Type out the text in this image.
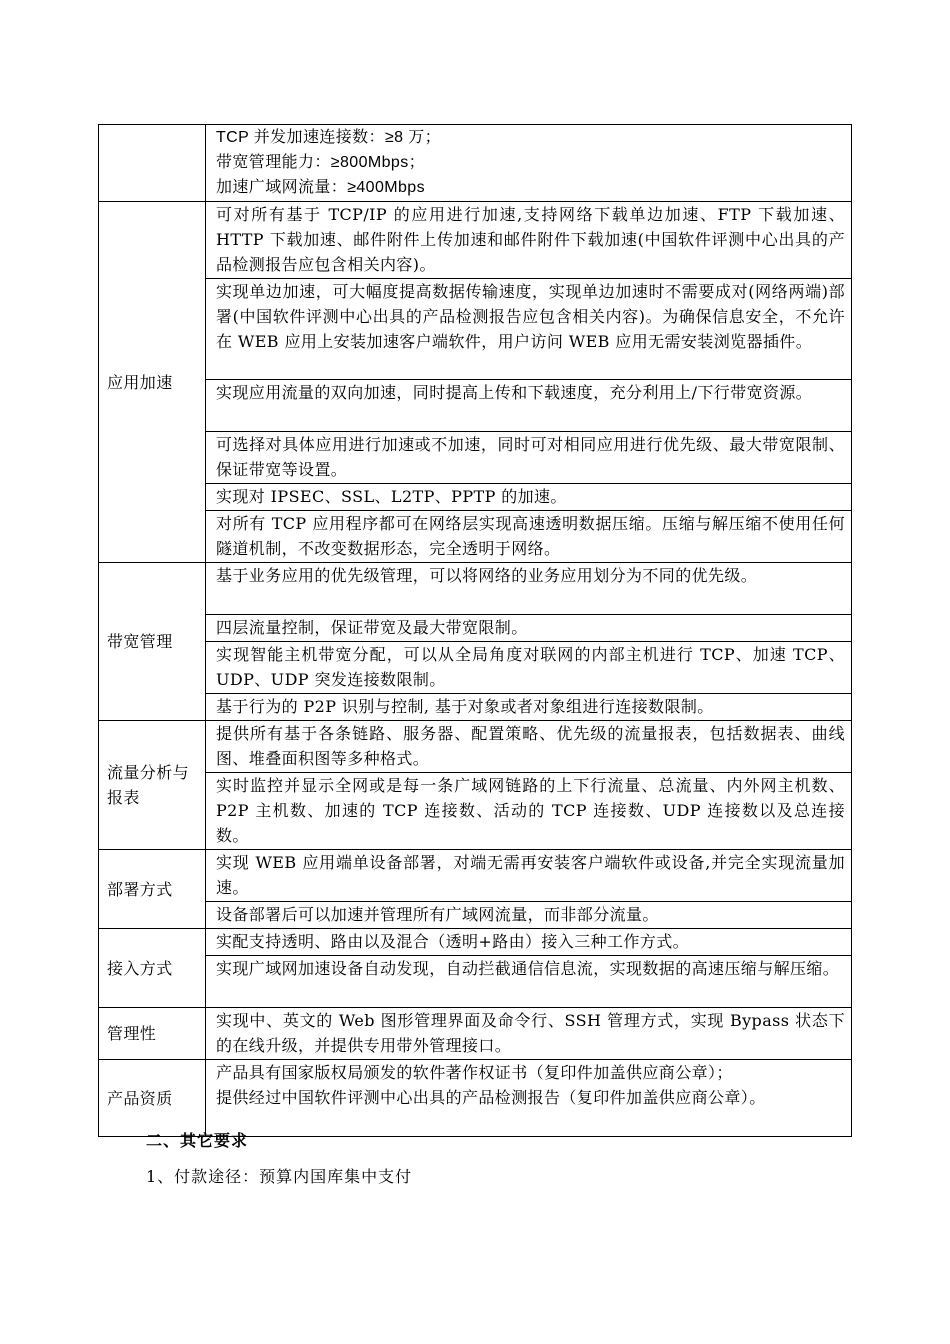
	TCP 并发加速连接数：≥8 万；
带宽管理能力：≥800Mbps；
加速广域网流量：≥400Mbps

应用加速	可对所有基于 TCP/IP 的应用进行加速,支持网络下载单边加速、FTP 下载加速、HTTP 下载加速、邮件附件上传加速和邮件附件下载加速(中国软件评测中心出具的产品检测报告应包含相关内容)。
	实现单边加速，可大幅度提高数据传输速度，实现单边加速时不需要成对(网络两端)部署(中国软件评测中心出具的产品检测报告应包含相关内容)。为确保信息安全，不允许在 WEB 应用上安装加速客户端软件，用户访问 WEB 应用无需安装浏览器插件。
	实现应用流量的双向加速，同时提高上传和下载速度，充分利用上/下行带宽资源。
	可选择对具体应用进行加速或不加速，同时可对相同应用进行优先级、最大带宽限制、保证带宽等设置。
	实现对 IPSEC、SSL、L2TP、PPTP 的加速。
	对所有 TCP 应用程序都可在网络层实现高速透明数据压缩。压缩与解压缩不使用任何隧道机制，不改变数据形态，完全透明于网络。
带宽管理	基于业务应用的优先级管理，可以将网络的业务应用划分为不同的优先级。
	四层流量控制，保证带宽及最大带宽限制。
	实现智能主机带宽分配，可以从全局角度对联网的内部主机进行 TCP、加速 TCP、UDP、UDP 突发连接数限制。
	基于行为的 P2P 识别与控制, 基于对象或者对象组进行连接数限制。
流量分析与报表	提供所有基于各条链路、服务器、配置策略、优先级的流量报表，包括数据表、曲线图、堆叠面积图等多种格式。
	实时监控并显示全网或是每一条广域网链路的上下行流量、总流量、内外网主机数、P2P 主机数、加速的 TCP 连接数、活动的 TCP 连接数、UDP 连接数以及总连接数。
部署方式	实现 WEB 应用端单设备部署，对端无需再安装客户端软件或设备,并完全实现流量加速。
	设备部署后可以加速并管理所有广域网流量，而非部分流量。
接入方式	实配支持透明、路由以及混合（透明+路由）接入三种工作方式。
	实现广域网加速设备自动发现，自动拦截通信信息流，实现数据的高速压缩与解压缩。
管理性	实现中、英文的 Web 图形管理界面及命令行、SSH 管理方式，实现 Bypass 状态下的在线升级，并提供专用带外管理接口。
产品资质	产品具有国家版权局颁发的软件著作权证书（复印件加盖供应商公章）；
提供经过中国软件评测中心出具的产品检测报告（复印件加盖供应商公章）。
二、其它要求
1、付款途径：预算内国库集中支付
